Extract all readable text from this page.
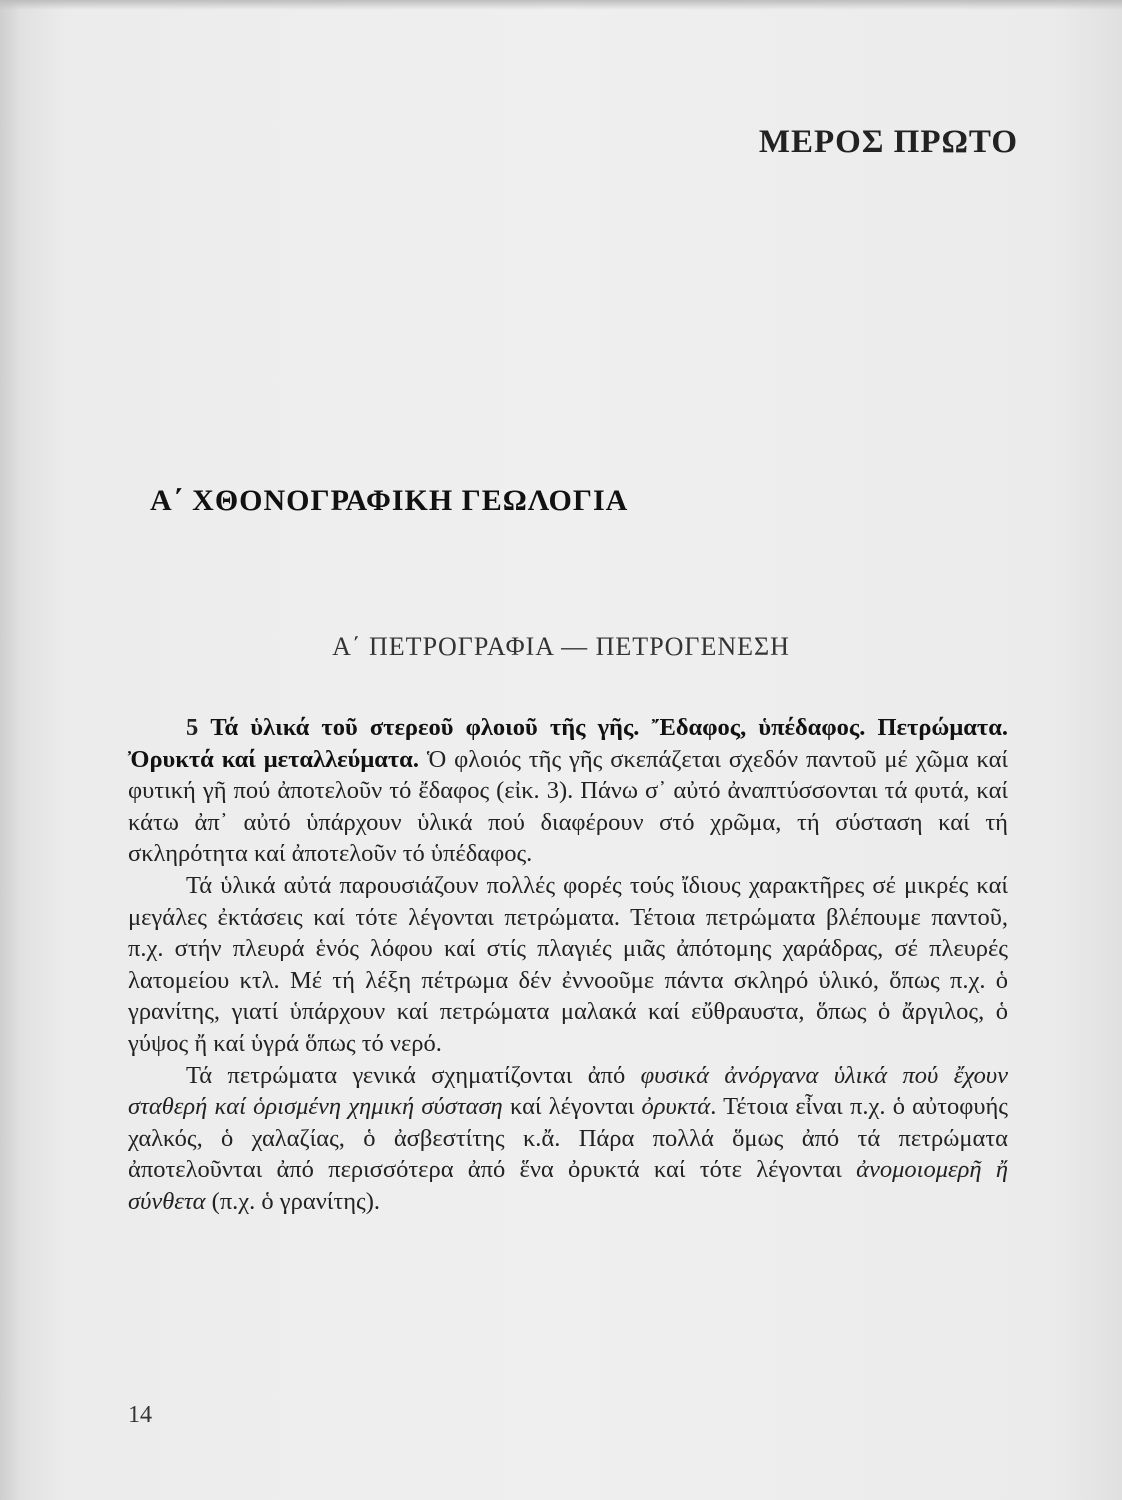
ΜΕΡΟΣ ΠΡΩΤΟ
Α΄ ΧΘΟΝΟΓΡΑΦΙΚΗ ΓΕΩΛΟΓΙΑ
Α΄ ΠΕΤΡΟΓΡΑΦΙΑ — ΠΕΤΡΟΓΕΝΕΣΗ

5 Τά ὑλικά τοῦ στερεοῦ φλοιοῦ τῆς γῆς. Ἔδαφος, ὑπέδαφος. Πετρώματα. Ὀρυκτά καί μεταλλεύματα. Ὁ φλοιός τῆς γῆς σκεπάζεται σχεδόν παντοῦ μέ χῶμα καί φυτική γῆ πού ἀποτελοῦν τό ἔδαφος (εἰκ. 3). Πάνω σ᾿ αὐτό ἀναπτύσσονται τά φυτά, καί κάτω ἀπ᾿ αὐτό ὑπάρχουν ὑλικά πού διαφέρουν στό χρῶμα, τή σύσταση καί τή σκληρότητα καί ἀποτελοῦν τό ὑπέδαφος.

Τά ὑλικά αὐτά παρουσιάζουν πολλές φορές τούς ἴδιους χαρακτῆρες σέ μικρές καί μεγάλες ἐκτάσεις καί τότε λέγονται πετρώματα. Τέτοια πετρώματα βλέπουμε παντοῦ, π.χ. στήν πλευρά ἑνός λόφου καί στίς πλαγιές μιᾶς ἀπότομης χαράδρας, σέ πλευρές λατομείου κτλ. Μέ τή λέξη πέτρωμα δέν ἐννοοῦμε πάντα σκληρό ὑλικό, ὅπως π.χ. ὁ γρανίτης, γιατί ὑπάρχουν καί πετρώματα μαλακά καί εὔθραυστα, ὅπως ὁ ἄργιλος, ὁ γύψος ἤ καί ὑγρά ὅπως τό νερό.

Τά πετρώματα γενικά σχηματίζονται ἀπό φυσικά ἀνόργανα ὑλικά πού ἔχουν σταθερή καί ὁρισμένη χημική σύσταση καί λέγονται ὀρυκτά. Τέτοια εἶναι π.χ. ὁ αὐτοφυής χαλκός, ὁ χαλαζίας, ὁ ἀσβεστίτης κ.ἄ. Πάρα πολλά ὅμως ἀπό τά πετρώματα ἀποτελοῦνται ἀπό περισσότερα ἀπό ἕνα ὀρυκτά καί τότε λέγονται ἀνομοιομερῆ ἤ σύνθετα (π.χ. ὁ γρανίτης).

14
